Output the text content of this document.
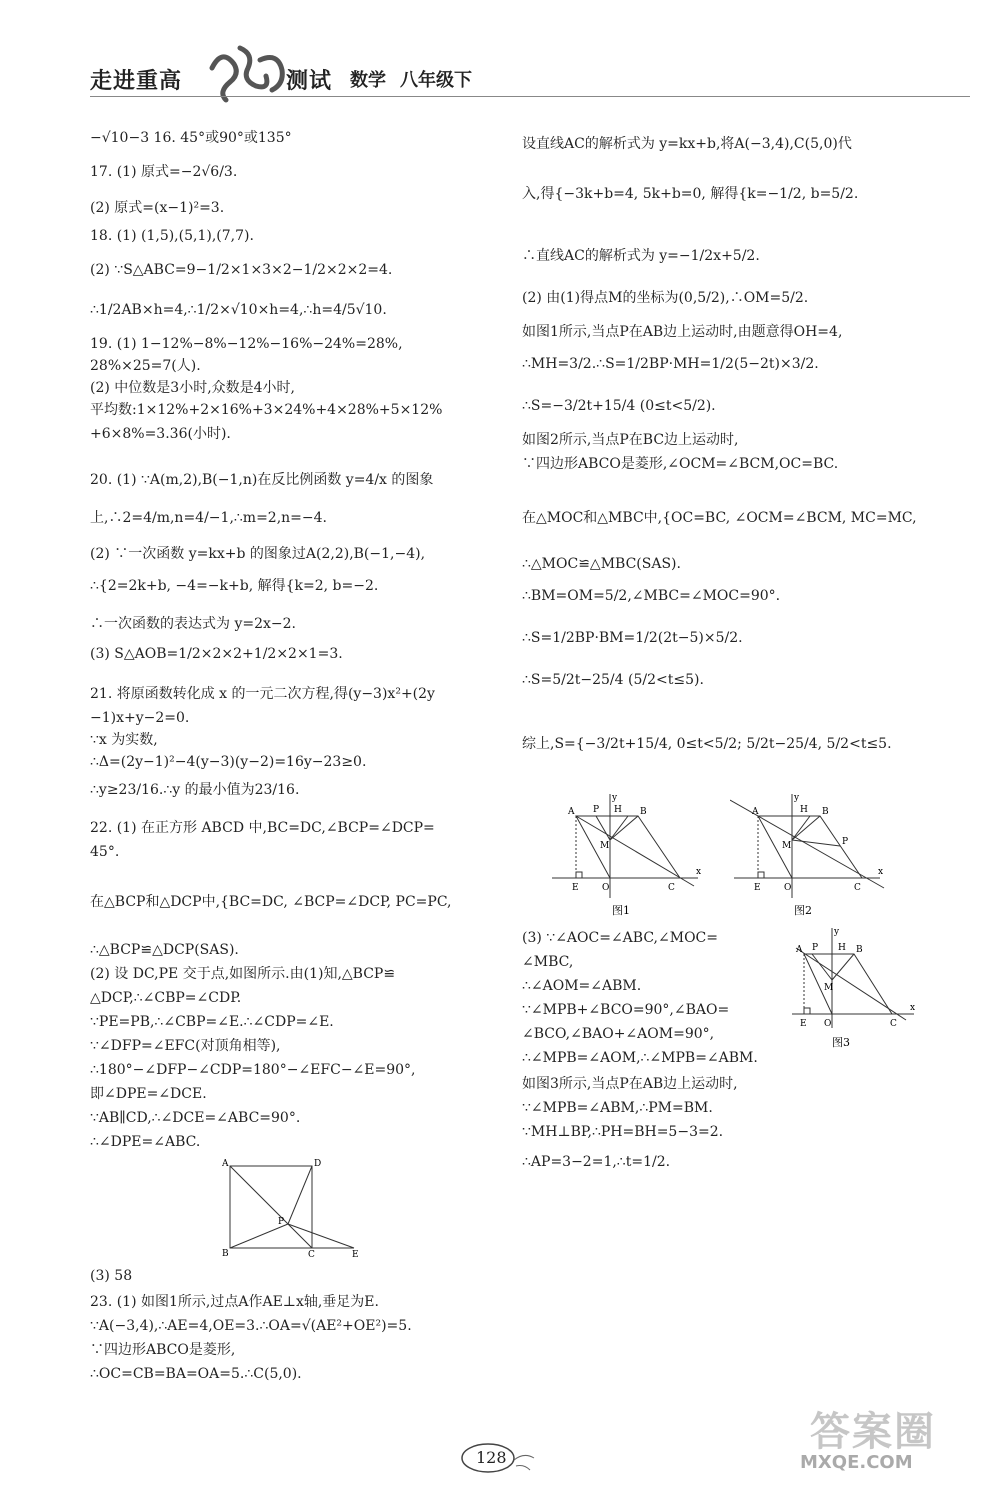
走进重高	测试 数学 八年级下
−√10−3 16. 45°或90°或135°
17. (1) 原式=−2√6/3.
(2) 原式=(x−1)²=3.
18. (1) (1,5),(5,1),(7,7).
(2) ∵S△ABC=9−1/2×1×3×2−1/2×2×2=4.
∴1/2AB×h=4,∴1/2×√10×h=4,∴h=4/5√10.
19. (1) 1−12%−8%−12%−16%−24%=28%,
28%×25=7(人).
(2) 中位数是3小时,众数是4小时,
平均数:1×12%+2×16%+3×24%+4×28%+5×12%
+6×8%=3.36(小时).
20. (1) ∵A(m,2),B(−1,n)在反比例函数 y=4/x 的图象
上,∴2=4/m,n=4/−1,∴m=2,n=−4.
(2) ∵一次函数 y=kx+b 的图象过A(2,2),B(−1,−4),
∴{2=2k+b, −4=−k+b, 解得{k=2, b=−2.
∴一次函数的表达式为 y=2x−2.
(3) S△AOB=1/2×2×2+1/2×2×1=3.
21. 将原函数转化成 x 的一元二次方程,得(y−3)x²+(2y
−1)x+y−2=0.
∵x 为实数,
∴Δ=(2y−1)²−4(y−3)(y−2)=16y−23≥0.
∴y≥23/16.∴y 的最小值为23/16.
22. (1) 在正方形 ABCD 中,BC=DC,∠BCP=∠DCP=
45°.
在△BCP和△DCP中,{BC=DC, ∠BCP=∠DCP, PC=PC,
∴△BCP≌△DCP(SAS).
(2) 设 DC,PE 交于点,如图所示.由(1)知,△BCP≌
△DCP,∴∠CBP=∠CDP.
∵PE=PB,∴∠CBP=∠E.∴∠CDP=∠E.
∵∠DFP=∠EFC(对顶角相等),
∴180°−∠DFP−∠CDP=180°−∠EFC−∠E=90°,
即∠DPE=∠DCE.
∵AB∥CD,∴∠DCE=∠ABC=90°.
∴∠DPE=∠ABC.
(3) 58
23. (1) 如图1所示,过点A作AE⊥x轴,垂足为E.
∵A(−3,4),∴AE=4,OE=3.∴OA=√(AE²+OE²)=5.
∵四边形ABCO是菱形,
∴OC=CB=BA=OA=5.∴C(5,0).
A	D
B	C	E
P
设直线AC的解析式为 y=kx+b,将A(−3,4),C(5,0)代
入,得{−3k+b=4, 5k+b=0, 解得{k=−1/2, b=5/2.
∴直线AC的解析式为 y=−1/2x+5/2.
(2) 由(1)得点M的坐标为(0,5/2),∴OM=5/2.
如图1所示,当点P在AB边上运动时,由题意得OH=4,
∴MH=3/2.∴S=1/2BP·MH=1/2(5−2t)×3/2.
∴S=−3/2t+15/4 (0≤t<5/2).
如图2所示,当点P在BC边上运动时,
∵四边形ABCO是菱形,∠OCM=∠BCM,OC=BC.
在△MOC和△MBC中,{OC=BC, ∠OCM=∠BCM, MC=MC,
∴△MOC≌△MBC(SAS).
∴BM=OM=5/2,∠MBC=∠MOC=90°.
∴S=1/2BP·BM=1/2(2t−5)×5/2.
∴S=5/2t−25/4 (5/2<t≤5).
综上,S={−3/2t+15/4, 0≤t<5/2; 5/2t−25/4, 5/2<t≤5.
(3) ∵∠AOC=∠ABC,∠MOC=
∠MBC,
∴∠AOM=∠ABM.
∵∠MPB+∠BCO=90°,∠BAO=
∠BCO,∠BAO+∠AOM=90°,
∴∠MPB=∠AOM,∴∠MPB=∠ABM.
如图3所示,当点P在AB边上运动时,
∵∠MPB=∠ABM,∴PM=BM.
∵MH⊥BP,∴PH=BH=5−3=2.
∴AP=3−2=1,∴t=1/2.
A P H B
M
E	O	C
x
y
图1
A	H B
P
M
E	O	C
x
y
图2
A P H B
M
E O	C
x
y
图3
128
答案圈
MXQE.COM
